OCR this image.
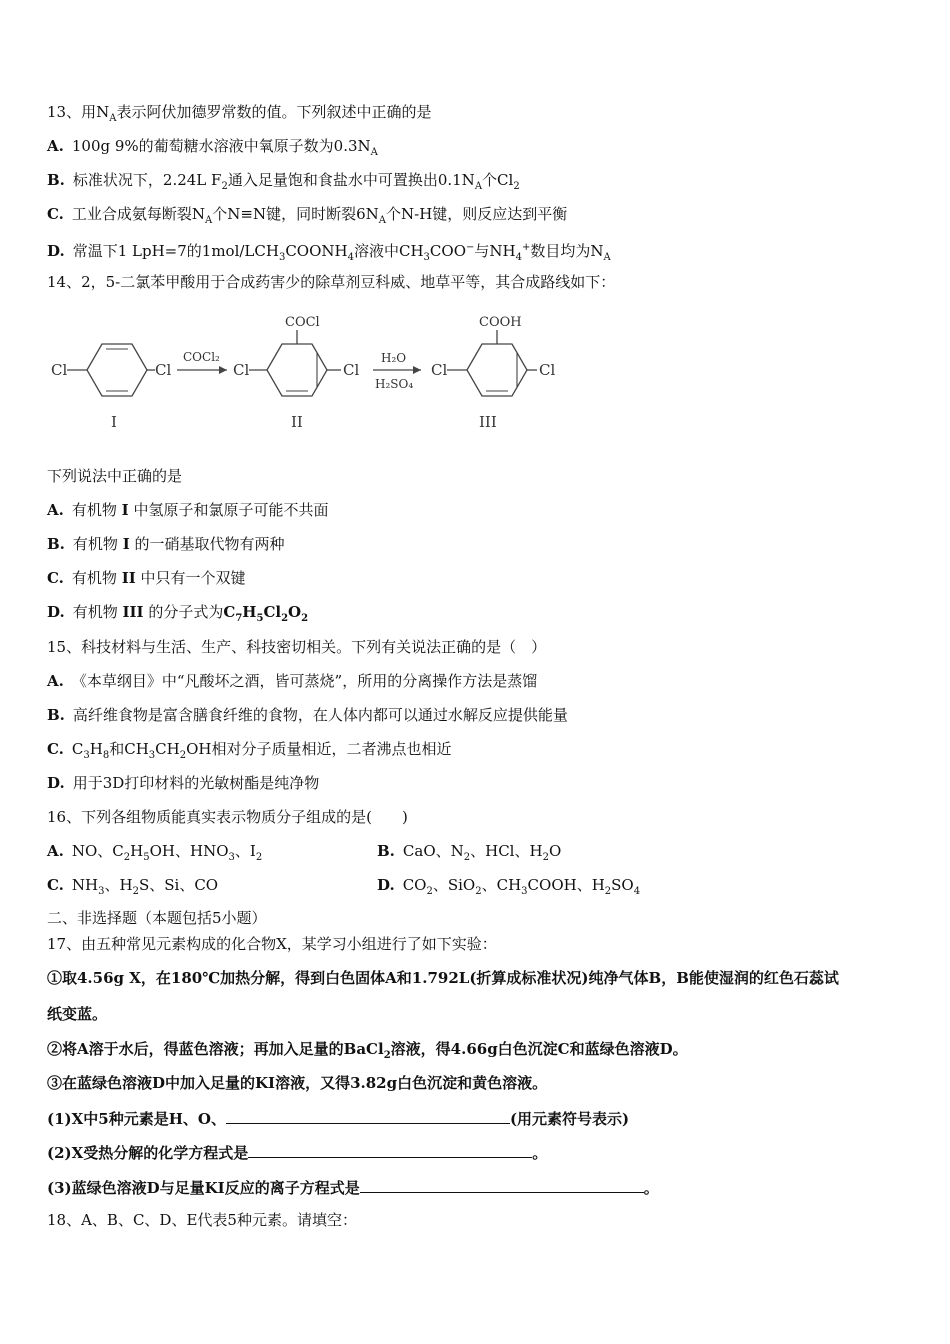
13、用$N_A$表示阿伏加德罗常数的值。下列叙述中正确的是
A. 100g 9%的葡萄糖水溶液中氧原子数为$0.3N_A$
B. 标准状况下，2.24L $F_2$通入足量饱和食盐水中可置换出$0.1N_A$个$Cl_2$
C. 工业合成氨每断裂$N_A$个N≡N键，同时断裂$6N_A$个N-H键，则反应达到平衡
D. 常温下1 LpH=7的$1mol/LCH_3COONH_4$溶液中$CH_3COO^-$与$NH_4^+$数目均为$N_A$
14、2，5-二氯苯甲酸用于合成药害少的除草剂豆科威、地草平等，其合成路线如下：
Cl	Cl
I
COCl₂
Cl
COCl
Cl
II
H₂O
H₂SO₄
Cl
COOH
Cl
III
下列说法中正确的是
A. 有机物 I 中氢原子和氯原子可能不共面
B. 有机物 I 的一硝基取代物有两种
C. 有机物 II 中只有一个双键
D. 有机物 III 的分子式为$C_7H_5Cl_2O_2$
15、科技材料与生活、生产、科技密切相关。下列有关说法正确的是（　）
A. 《本草纲目》中“凡酸坏之酒，皆可蒸烧”，所用的分离操作方法是蒸馏
B. 高纤维食物是富含膳食纤维的食物，在人体内都可以通过水解反应提供能量
C. $C_3H_8$和$CH_3CH_2OH$相对分子质量相近，二者沸点也相近
D. 用于3D打印材料的光敏树酯是纯净物
16、下列各组物质能真实表示物质分子组成的是(　　)
A. NO、$C_2H_5OH$、$HNO_3$、$I_2$	B. CaO、$N_2$、HCl、$H_2O$
C. $NH_3$、$H_2S$、Si、CO	D. $CO_2$、SiO$_2$、$CH_3COOH$、$H_2SO_4$
二、非选择题（本题包括5小题）
17、由五种常见元素构成的化合物X，某学习小组进行了如下实验：
①取4.56g X，在180℃加热分解，得到白色固体A和1.792L(折算成标准状况)纯净气体B，B能使湿润的红色石蕊试
纸变蓝。
②将A溶于水后，得蓝色溶液；再加入足量的BaCl$_2$溶液，得4.66g白色沉淀C和蓝绿色溶液D。
③在蓝绿色溶液D中加入足量的KI溶液，又得3.82g白色沉淀和黄色溶液。
(1)X中5种元素是H、O、	(用元素符号表示)
(2)X受热分解的化学方程式是	。
(3)蓝绿色溶液D与足量KI反应的离子方程式是	。
18、A、B、C、D、E代表5种元素。请填空：
